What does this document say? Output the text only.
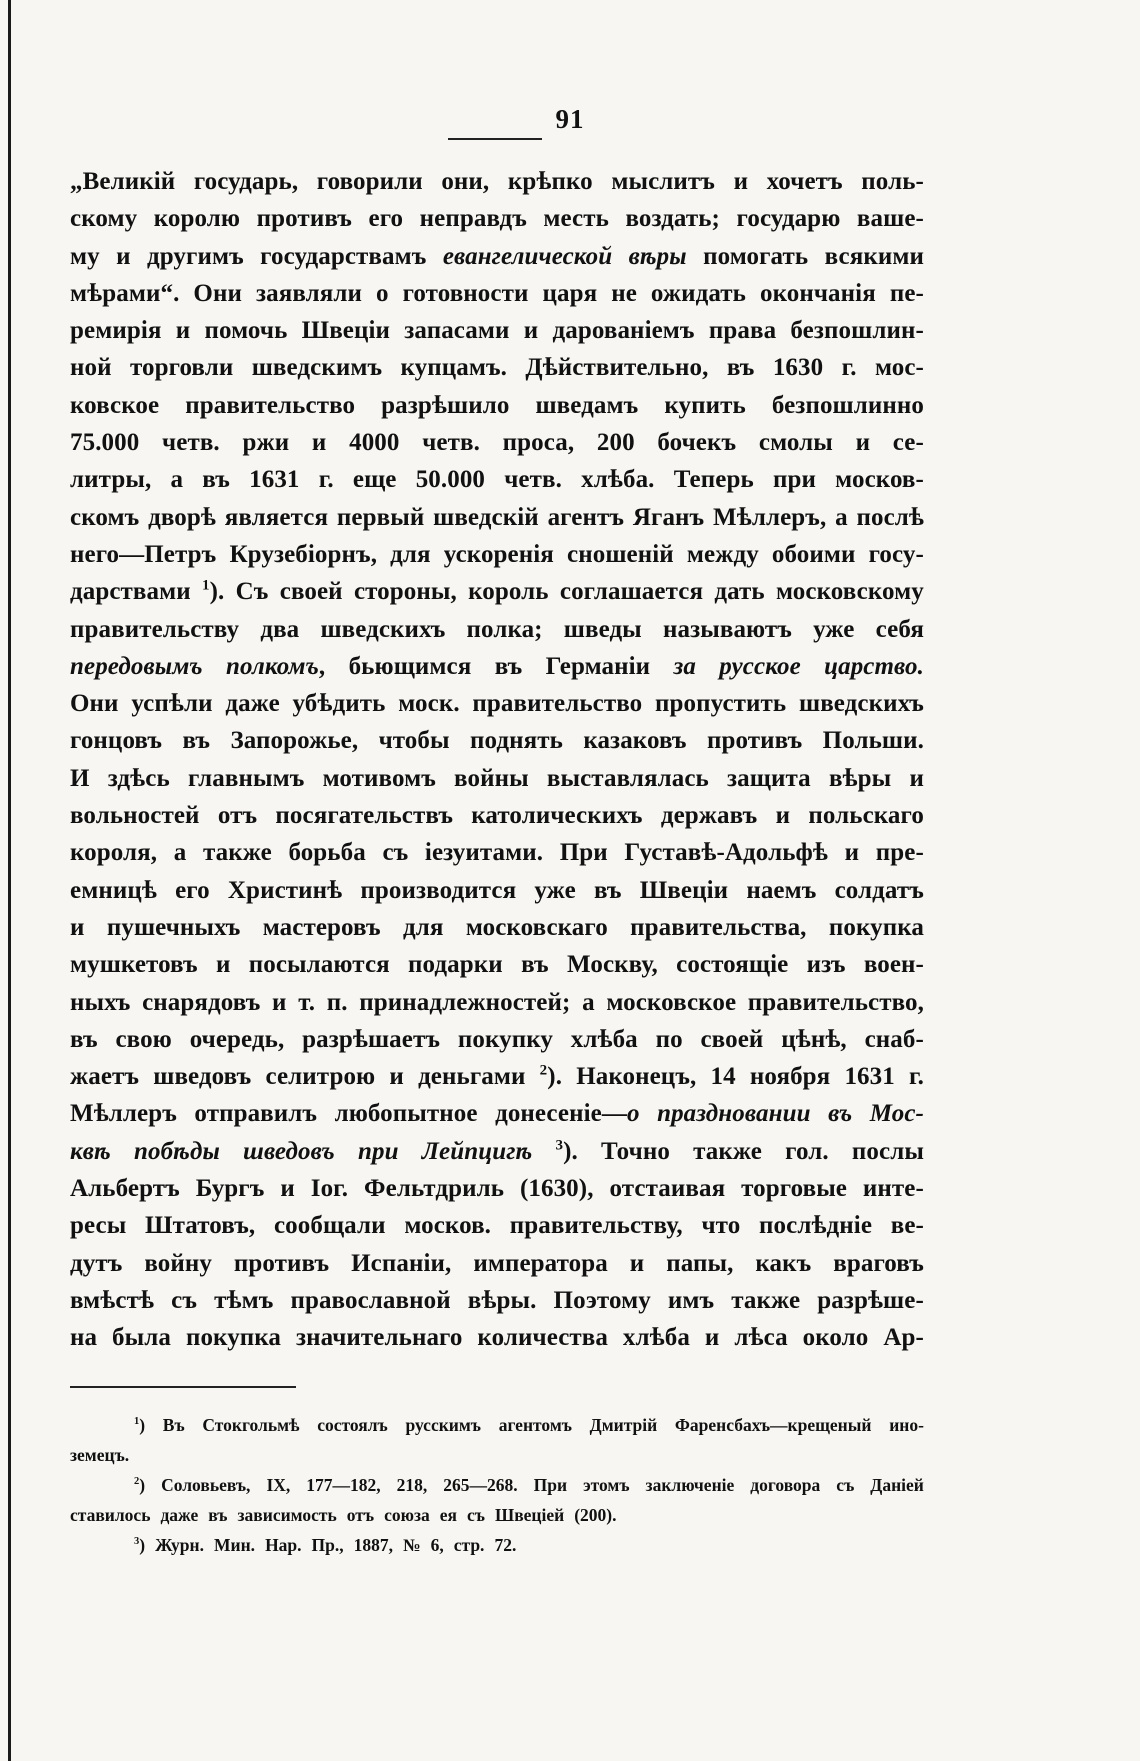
91
„Великій государь, говорили они, крѣпко мыслитъ и хочетъ поль-
скому королю противъ его неправдъ месть воздать; государю ваше-
му и другимъ государствамъ евангелической вѣры помогать всякими
мѣрами“. Они заявляли о готовности царя не ожидать окончанія пе-
ремирія и помочь Швеціи запасами и дарованіемъ права безпошлин-
ной торговли шведскимъ купцамъ. Дѣйствительно, въ 1630 г. мос-
ковское правительство разрѣшило шведамъ купить безпошлинно
75.000 четв. ржи и 4000 четв. проса, 200 бочекъ смолы и се-
литры, а въ 1631 г. еще 50.000 четв. хлѣба. Теперь при москов-
скомъ дворѣ является первый шведскій агентъ Яганъ Мѣллеръ, а послѣ
него—Петръ Крузебіорнъ, для ускоренія сношеній между обоими госу-
дарствами $^1$). Съ своей стороны, король соглашается дать московскому
правительству два шведскихъ полка; шведы называютъ уже себя
передовымъ полкомъ, бьющимся въ Германіи за русское царство.
Они успѣли даже убѣдить моск. правительство пропустить шведскихъ
гонцовъ въ Запорожье, чтобы поднять казаковъ противъ Польши.
И здѣсь главнымъ мотивомъ войны выставлялась защита вѣры и
вольностей отъ посягательствъ католическихъ державъ и польскаго
короля, а также борьба съ іезуитами. При Густавѣ-Адольфѣ и пре-
емницѣ его Христинѣ производится уже въ Швеціи наемъ солдатъ
и пушечныхъ мастеровъ для московскаго правительства, покупка
мушкетовъ и посылаются подарки въ Москву, состоящіе изъ воен-
ныхъ снарядовъ и т. п. принадлежностей; а московское правительство,
въ свою очередь, разрѣшаетъ покупку хлѣба по своей цѣнѣ, снаб-
жаетъ шведовъ селитрою и деньгами $^2$). Наконецъ, 14 ноября 1631 г.
Мѣллеръ отправилъ любопытное донесеніе—о праздновании въ Мос-
квѣ побѣды шведовъ при Лейпцигѣ $^3$). Точно также гол. послы
Альбертъ Бургъ и Іог. Фельтдриль (1630), отстаивая торговые инте-
ресы Штатовъ, сообщали москов. правительству, что послѣдніе ве-
дутъ войну противъ Испаніи, императора и папы, какъ враговъ
вмѣстѣ съ тѣмъ православной вѣры. Поэтому имъ также разрѣше-
на была покупка значительнаго количества хлѣба и лѣса около Ар-
$^1$) Въ Стокгольмѣ состоялъ русскимъ агентомъ Дмитрій Фаренсбахъ—крещеный ино-
земецъ.
$^2$) Соловьевъ, IX, 177—182, 218, 265—268. При этомъ заключеніе договора съ Даніей
ставилось даже въ зависимость отъ союза ея съ Швеціей (200).
$^3$) Журн. Мин. Нар. Пр., 1887, № 6, стр. 72.
